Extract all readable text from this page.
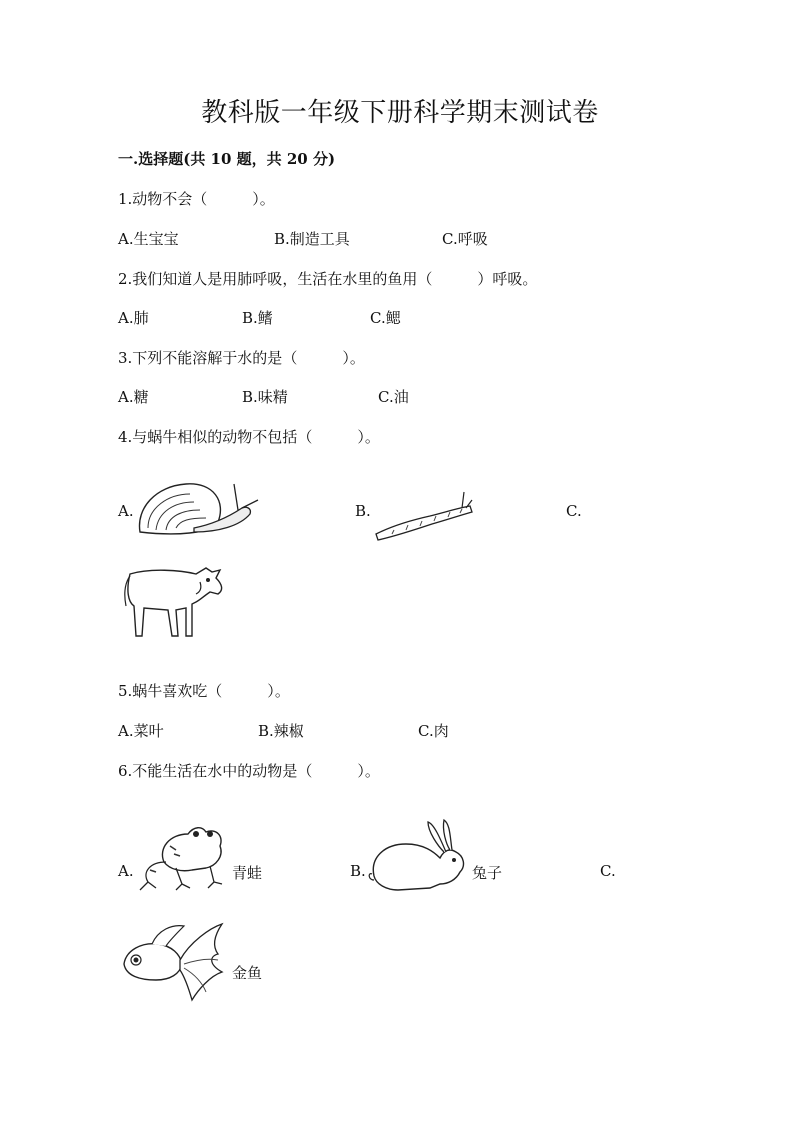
教科版一年级下册科学期末测试卷
一.选择题(共 10 题，共 20 分)
1.动物不会（　　　）。
A.生宝宝	B.制造工具	C.呼吸
2.我们知道人是用肺呼吸，生活在水里的鱼用（　　　）呼吸。
A.肺	B.鳍	C.鳃
3.下列不能溶解于水的是（　　　）。
A.糖	B.味精	C.油
4.与蜗牛相似的动物不包括（　　　）。
A.	B.	C.
5.蜗牛喜欢吃（　　　）。
A.菜叶	B.辣椒	C.肉
6.不能生活在水中的动物是（　　　）。
A.	B.	C.
青蛙	兔子
金鱼
